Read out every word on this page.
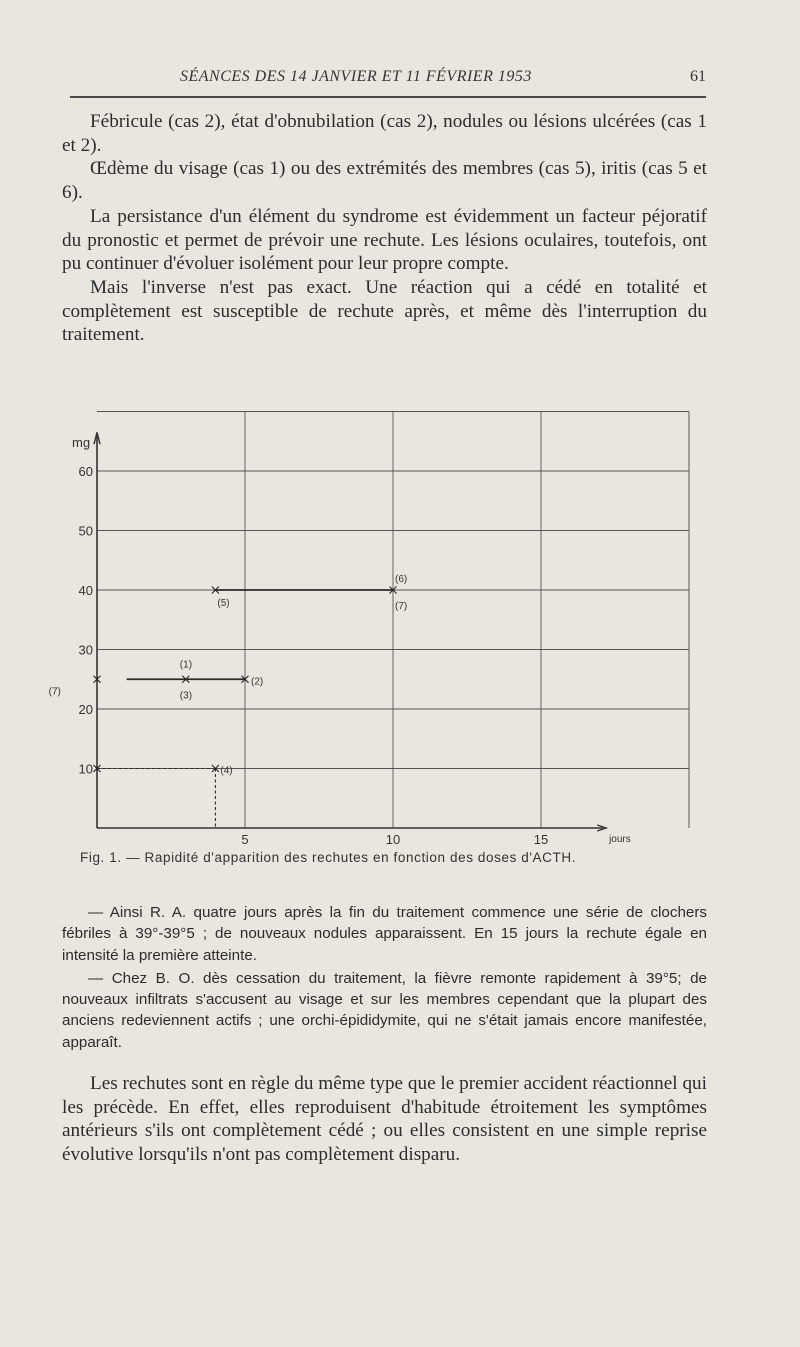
SÉANCES DES 14 JANVIER ET 11 FÉVRIER 1953	61

Fébricule (cas 2), état d'obnubilation (cas 2), nodules ou lésions ulcérées (cas 1 et 2).

Œdème du visage (cas 1) ou des extrémités des membres (cas 5), iritis (cas 5 et 6).

La persistance d'un élément du syndrome est évidemment un facteur péjoratif du pronostic et permet de prévoir une rechute. Les lésions oculaires, toutefois, ont pu continuer d'évoluer isolément pour leur propre compte.

Mais l'inverse n'est pas exact. Une réaction qui a cédé en totalité et complètement est susceptible de rechute après, et même dès l'interruption du traitement.

10
20
30
40
50
60
5	10	15
mg
jours
(5)
(6)
(7)
(1)
(3)
(2)
(7)
(4)
Fig. 1. — Rapidité d'apparition des rechutes en fonction des doses d'ACTH.

— Ainsi R. A. quatre jours après la fin du traitement commence une série de clochers fébriles à 39°-39°5 ; de nouveaux nodules apparaissent. En 15 jours la rechute égale en intensité la première atteinte.

— Chez B. O. dès cessation du traitement, la fièvre remonte rapidement à 39°5; de nouveaux infiltrats s'accusent au visage et sur les membres cependant que la plupart des anciens redeviennent actifs ; une orchi-épididymite, qui ne s'était jamais encore manifestée, apparaît.

Les rechutes sont en règle du même type que le premier accident réactionnel qui les précède. En effet, elles reproduisent d'habitude étroitement les symptômes antérieurs s'ils ont complètement cédé ; ou elles consistent en une simple reprise évolutive lorsqu'ils n'ont pas complètement disparu.
